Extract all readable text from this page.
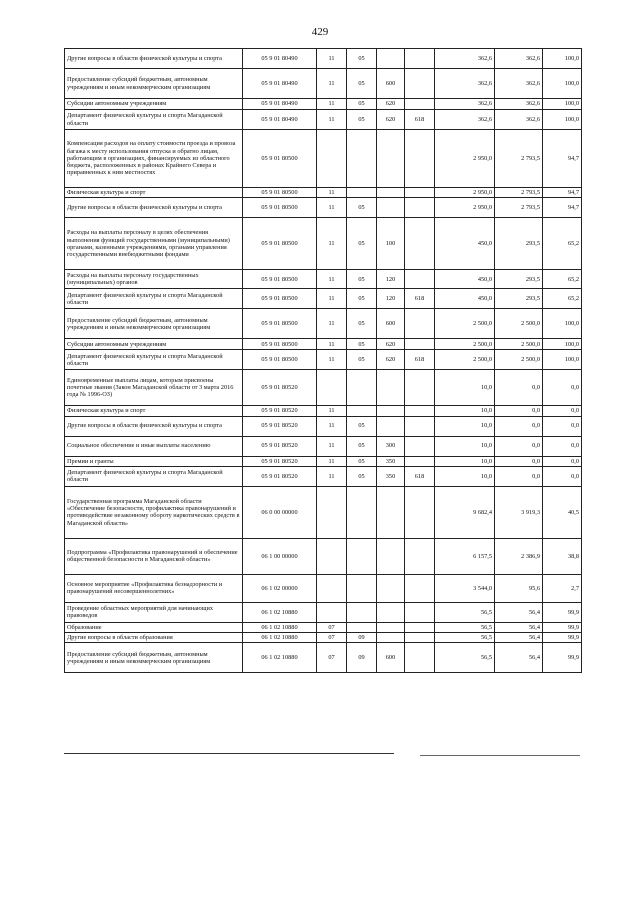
429
Другие вопросы в области физической культуры и спорта	05 9 01 80490	11	05			362,6	362,6	100,0
Предоставление субсидий бюджетным, автономным учреждениям и иным некоммерческим организациям	05 9 01 80490	11	05	600		362,6	362,6	100,0
Субсидии автономным учреждениям	05 9 01 80490	11	05	620		362,6	362,6	100,0
Департамент физической культуры и спорта Магаданской области	05 9 01 80490	11	05	620	618	362,6	362,6	100,0
Компенсация расходов на оплату стоимости проезда и провоза багажа к месту использования отпуска и обратно лицам, работающим в организациях, финансируемых из областного бюджета, расположенных в районах Крайнего Севера и приравненных к ним местностях	05 9 01 80500					2 950,0	2 793,5	94,7
Физическая культура и спорт	05 9 01 80500	11				2 950,0	2 793,5	94,7
Другие вопросы в области физической культуры и спорта	05 9 01 80500	11	05			2 950,0	2 793,5	94,7
Расходы на выплаты персоналу в целях обеспечения выполнения функций государственными (муниципальными) органами, казенными учреждениями, органами управления государственными внебюджетными фондами	05 9 01 80500	11	05	100		450,0	293,5	65,2
Расходы на выплаты персоналу государственных (муниципальных) органов	05 9 01 80500	11	05	120		450,0	293,5	65,2
Департамент физической культуры и спорта Магаданской области	05 9 01 80500	11	05	120	618	450,0	293,5	65,2
Предоставление субсидий бюджетным, автономным учреждениям и иным некоммерческим организациям	05 9 01 80500	11	05	600		2 500,0	2 500,0	100,0
Субсидии автономным учреждениям	05 9 01 80500	11	05	620		2 500,0	2 500,0	100,0
Департамент физической культуры и спорта Магаданской области	05 9 01 80500	11	05	620	618	2 500,0	2 500,0	100,0
Единовременные выплаты лицам, которым присвоены почетные звания (Закон Магаданской области от 3 марта 2016 года № 1996-ОЗ)	05 9 01 80520					10,0	0,0	0,0
Физическая культура и спорт	05 9 01 80520	11				10,0	0,0	0,0
Другие вопросы в области физической культуры и спорта	05 9 01 80520	11	05			10,0	0,0	0,0
Социальное обеспечение и иные выплаты населению	05 9 01 80520	11	05	300		10,0	0,0	0,0
Премии и гранты	05 9 01 80520	11	05	350		10,0	0,0	0,0
Департамент физической культуры и спорта Магаданской области	05 9 01 80520	11	05	350	618	10,0	0,0	0,0
Государственная программа Магаданской области «Обеспечение безопасности, профилактика правонарушений и противодействие незаконному обороту наркотических средств в Магаданской области»	06 0 00 00000					9 682,4	3 919,3	40,5
Подпрограмма «Профилактика правонарушений и обеспечение общественной безопасности в Магаданской области»	06 1 00 00000					6 157,5	2 386,9	38,8
Основное мероприятие «Профилактика безнадзорности и правонарушений несовершеннолетних»	06 1 02 00000					3 544,0	95,6	2,7
Проведение областных мероприятий для начинающих правоведов	06 1 02 10880					56,5	56,4	99,9
Образование	06 1 02 10880	07				56,5	56,4	99,9
Другие вопросы в области образования	06 1 02 10880	07	09			56,5	56,4	99,9
Предоставление субсидий бюджетным, автономным учреждениям и иным некоммерческим организациям	06 1 02 10880	07	09	600		56,5	56,4	99,9
